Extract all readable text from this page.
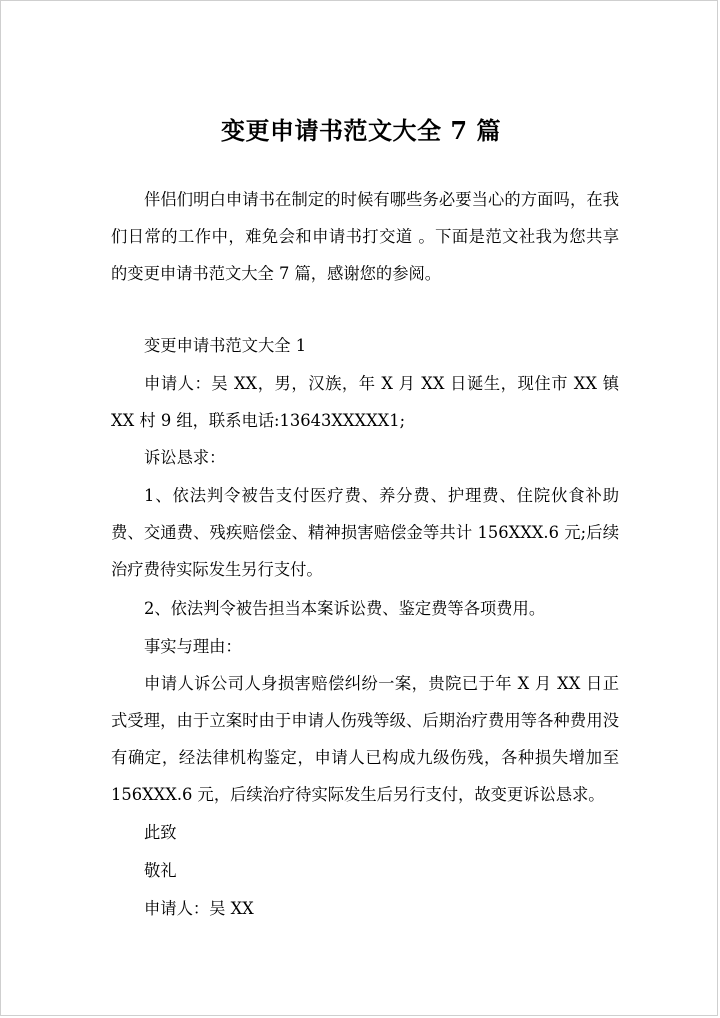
变更申请书范文大全 7 篇

伴侣们明白申请书在制定的时候有哪些务必要当心的方面吗，在我们日常的工作中，难免会和申请书打交道 。下面是范文社我为您共享的变更申请书范文大全 7 篇，感谢您的参阅。

变更申请书范文大全 1

申请人：吴 XX，男，汉族，年 X 月 XX 日诞生，现住市 XX 镇 XX 村 9 组，联系电话:13643XXXXX1;

诉讼恳求：

1、依法判令被告支付医疗费、养分费、护理费、住院伙食补助费、交通费、残疾赔偿金、精神损害赔偿金等共计 156XXX.6 元;后续治疗费待实际发生另行支付。

2、依法判令被告担当本案诉讼费、鉴定费等各项费用。

事实与理由：

申请人诉公司人身损害赔偿纠纷一案，贵院已于年 X 月 XX 日正式受理，由于立案时由于申请人伤残等级、后期治疗费用等各种费用没有确定，经法律机构鉴定，申请人已构成九级伤残，各种损失增加至 156XXX.6 元，后续治疗待实际发生后另行支付，故变更诉讼恳求。

此致

敬礼

申请人：吴 XX
